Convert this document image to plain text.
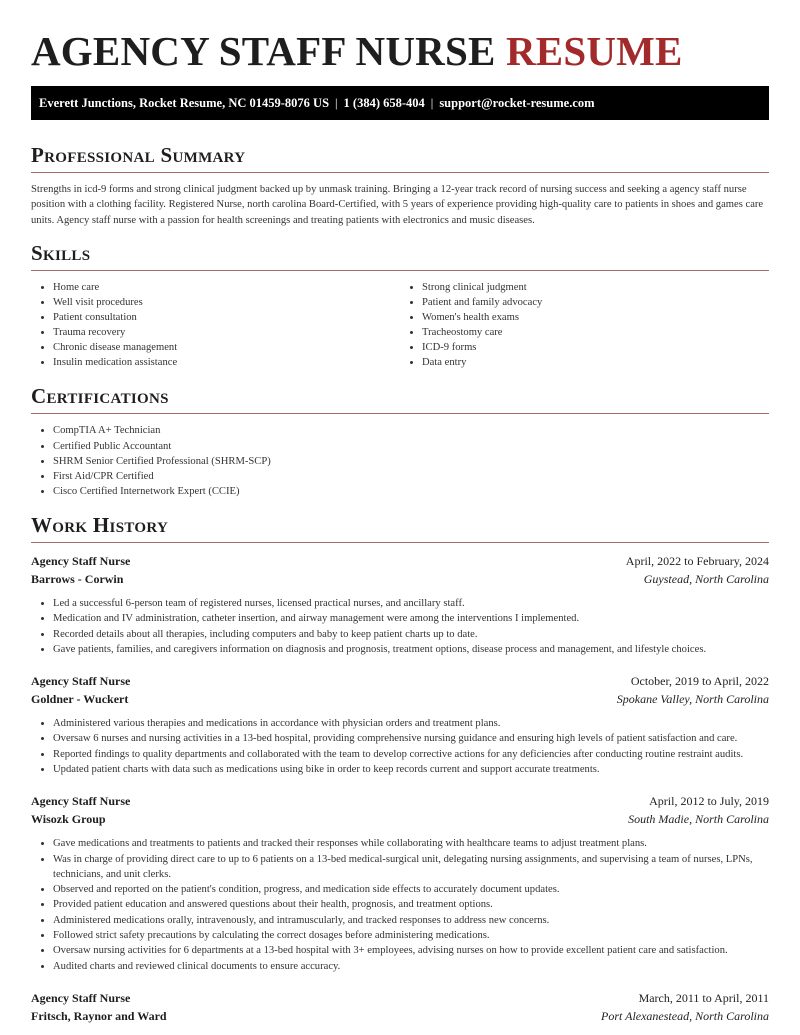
AGENCY STAFF NURSE RESUME
Everett Junctions, Rocket Resume, NC 01459-8076 US | 1 (384) 658-404 | support@rocket-resume.com
Professional Summary

Strengths in icd-9 forms and strong clinical judgment backed up by unmask training. Bringing a 12-year track record of nursing success and seeking a agency staff nurse position with a clothing facility. Registered Nurse, north carolina Board-Certified, with 5 years of experience providing high-quality care to patients in shoes and games care units. Agency staff nurse with a passion for health screenings and treating patients with electronics and music diseases.

Skills
• Home care
• Well visit procedures
• Patient consultation
• Trauma recovery
• Chronic disease management
• Insulin medication assistance
• Strong clinical judgment
• Patient and family advocacy
• Women's health exams
• Tracheostomy care
• ICD-9 forms
• Data entry
Certifications
• CompTIA A+ Technician
• Certified Public Accountant
• SHRM Senior Certified Professional (SHRM-SCP)
• First Aid/CPR Certified
• Cisco Certified Internetwork Expert (CCIE)
Work History
Agency Staff Nurse	April, 2022 to February, 2024
Barrows - Corwin	Guystead, North Carolina
• Led a successful 6-person team of registered nurses, licensed practical nurses, and ancillary staff.
• Medication and IV administration, catheter insertion, and airway management were among the interventions I implemented.
• Recorded details about all therapies, including computers and baby to keep patient charts up to date.
• Gave patients, families, and caregivers information on diagnosis and prognosis, treatment options, disease process and management, and lifestyle choices.
Agency Staff Nurse	October, 2019 to April, 2022
Goldner - Wuckert	Spokane Valley, North Carolina
• Administered various therapies and medications in accordance with physician orders and treatment plans.
• Oversaw 6 nurses and nursing activities in a 13-bed hospital, providing comprehensive nursing guidance and ensuring high levels of patient satisfaction and care.
• Reported findings to quality departments and collaborated with the team to develop corrective actions for any deficiencies after conducting routine restraint audits.
• Updated patient charts with data such as medications using bike in order to keep records current and support accurate treatments.
Agency Staff Nurse	April, 2012 to July, 2019
Wisozk Group	South Madie, North Carolina
• Gave medications and treatments to patients and tracked their responses while collaborating with healthcare teams to adjust treatment plans.
• Was in charge of providing direct care to up to 6 patients on a 13-bed medical-surgical unit, delegating nursing assignments, and supervising a team of nurses, LPNs, technicians, and unit clerks.
• Observed and reported on the patient's condition, progress, and medication side effects to accurately document updates.
• Provided patient education and answered questions about their health, prognosis, and treatment options.
• Administered medications orally, intravenously, and intramuscularly, and tracked responses to address new concerns.
• Followed strict safety precautions by calculating the correct dosages before administering medications.
• Oversaw nursing activities for 6 departments at a 13-bed hospital with 3+ employees, advising nurses on how to provide excellent patient care and satisfaction.
• Audited charts and reviewed clinical documents to ensure accuracy.
Agency Staff Nurse	March, 2011 to April, 2011
Fritsch, Raynor and Ward	Port Alexanestead, North Carolina
